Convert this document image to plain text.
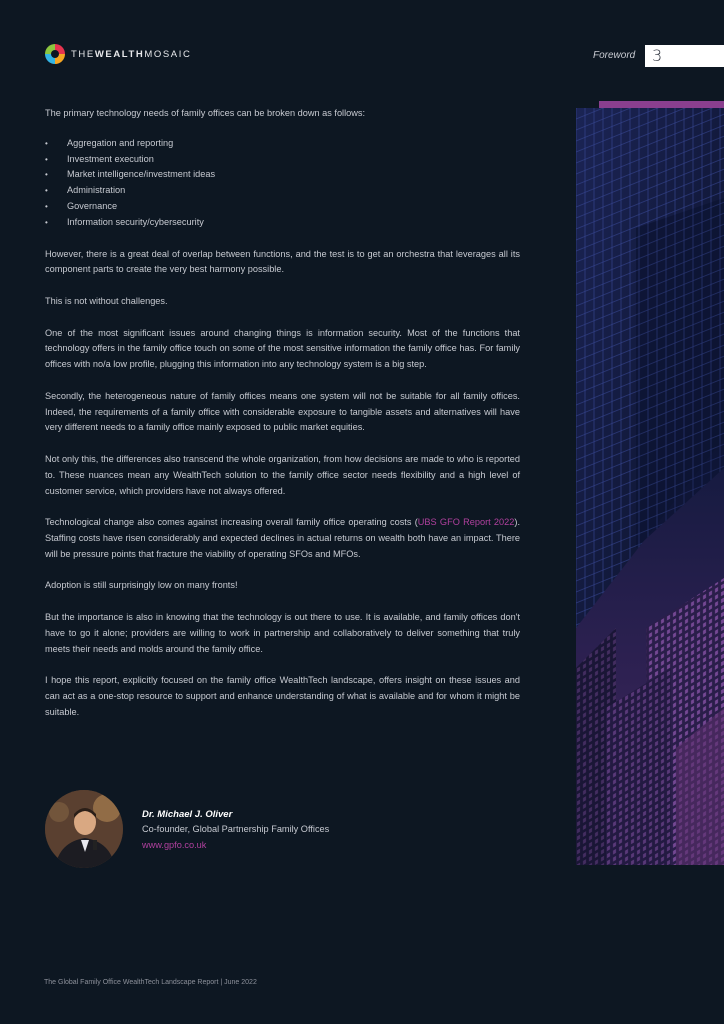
THEWEALTHMOSAIC	Foreword 3

The primary technology needs of family offices can be broken down as follows:

• Aggregation and reporting
• Investment execution
• Market intelligence/investment ideas
• Administration
• Governance
• Information security/cybersecurity

However, there is a great deal of overlap between functions, and the test is to get an orchestra that leverages all its component parts to create the very best harmony possible.

This is not without challenges.

One of the most significant issues around changing things is information security. Most of the functions that technology offers in the family office touch on some of the most sensitive information the family office has. For family offices with no/a low profile, plugging this information into any technology system is a big step.

Secondly, the heterogeneous nature of family offices means one system will not be suitable for all family offices. Indeed, the requirements of a family office with considerable exposure to tangible assets and alternatives will have very different needs to a family office mainly exposed to public market equities.

Not only this, the differences also transcend the whole organization, from how decisions are made to who is reported to. These nuances mean any WealthTech solution to the family office sector needs flexibility and a high level of customer service, which providers have not always offered.

Technological change also comes against increasing overall family office operating costs (UBS GFO Report 2022). Staffing costs have risen considerably and expected declines in actual returns on wealth both have an impact. There will be pressure points that fracture the viability of operating SFOs and MFOs.

Adoption is still surprisingly low on many fronts!

But the importance is also in knowing that the technology is out there to use. It is available, and family offices don't have to go it alone; providers are willing to work in partnership and collaboratively to deliver something that truly meets their needs and molds around the family office.

I hope this report, explicitly focused on the family office WealthTech landscape, offers insight on these issues and can act as a one-stop resource to support and enhance understanding of what is available and for whom it might be suitable.

Dr. Michael J. Oliver
Co-founder, Global Partnership Family Offices
www.gpfo.co.uk
The Global Family Office WealthTech Landscape Report | June 2022
